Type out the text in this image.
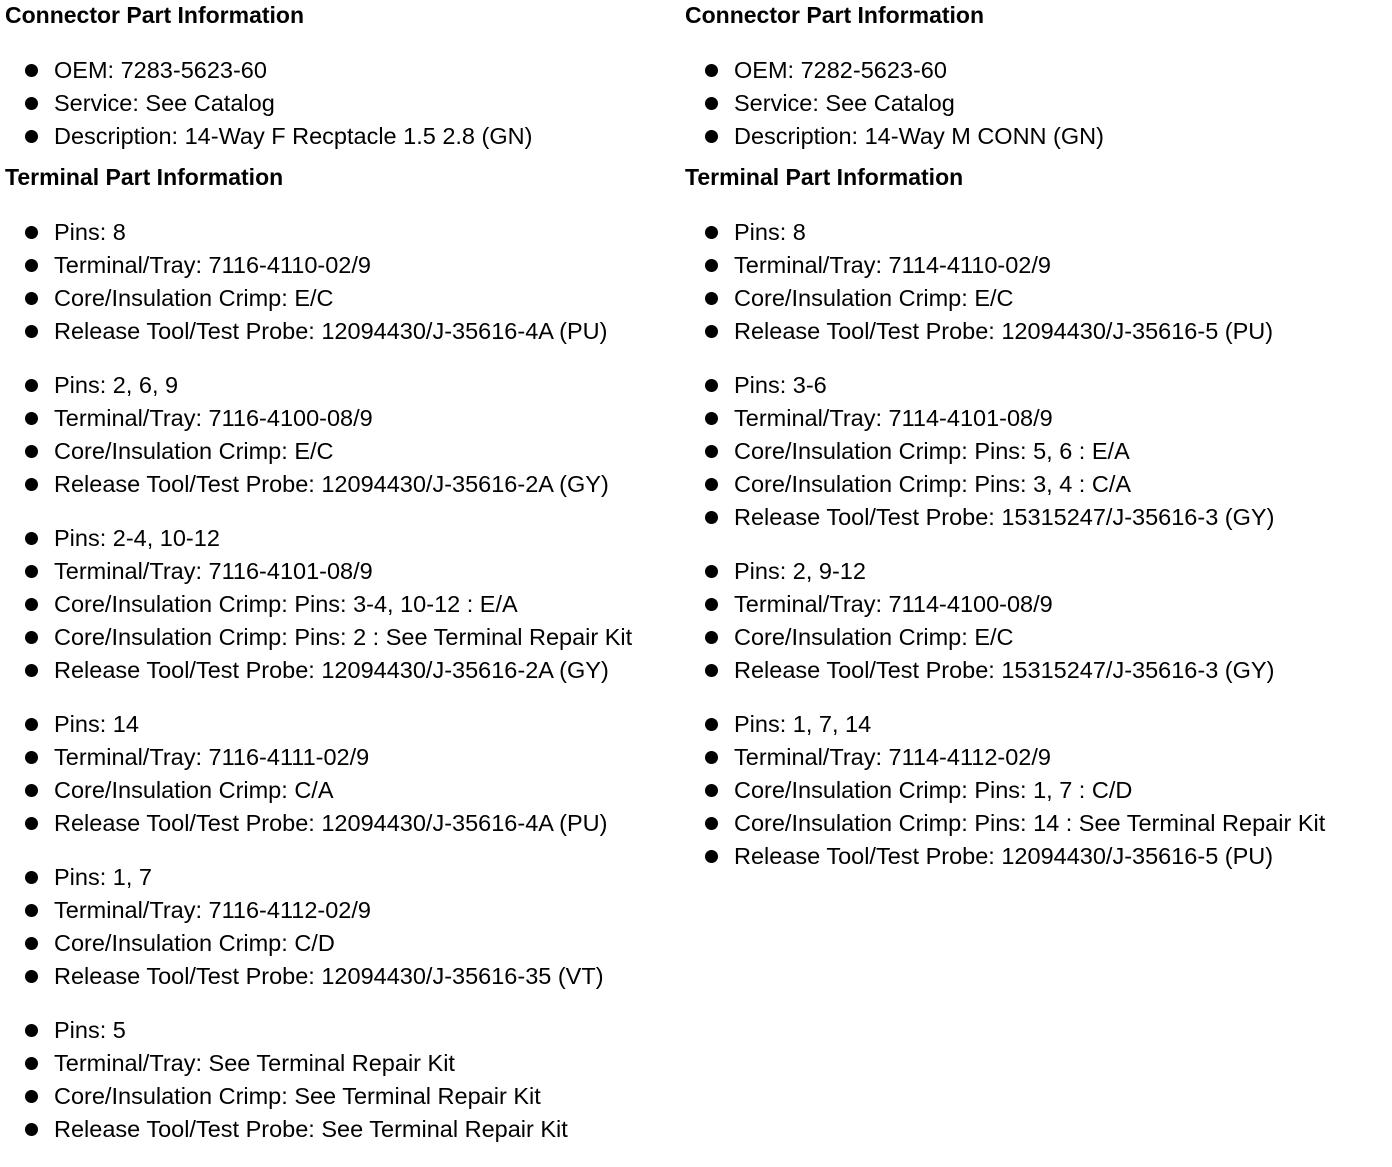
Connector Part Information
OEM: 7283-5623-60
Service: See Catalog
Description: 14-Way F Recptacle 1.5 2.8 (GN)
Terminal Part Information
Pins: 8
Terminal/Tray: 7116-4110-02/9
Core/Insulation Crimp: E/C
Release Tool/Test Probe: 12094430/J-35616-4A (PU)
Pins: 2, 6, 9
Terminal/Tray: 7116-4100-08/9
Core/Insulation Crimp: E/C
Release Tool/Test Probe: 12094430/J-35616-2A (GY)
Pins: 2-4, 10-12
Terminal/Tray: 7116-4101-08/9
Core/Insulation Crimp: Pins: 3-4, 10-12 : E/A
Core/Insulation Crimp: Pins: 2 : See Terminal Repair Kit
Release Tool/Test Probe: 12094430/J-35616-2A (GY)
Pins: 14
Terminal/Tray: 7116-4111-02/9
Core/Insulation Crimp: C/A
Release Tool/Test Probe: 12094430/J-35616-4A (PU)
Pins: 1, 7
Terminal/Tray: 7116-4112-02/9
Core/Insulation Crimp: C/D
Release Tool/Test Probe: 12094430/J-35616-35 (VT)
Pins: 5
Terminal/Tray: See Terminal Repair Kit
Core/Insulation Crimp: See Terminal Repair Kit
Release Tool/Test Probe: See Terminal Repair Kit
Connector Part Information
OEM: 7282-5623-60
Service: See Catalog
Description: 14-Way M CONN (GN)
Terminal Part Information
Pins: 8
Terminal/Tray: 7114-4110-02/9
Core/Insulation Crimp: E/C
Release Tool/Test Probe: 12094430/J-35616-5 (PU)
Pins: 3-6
Terminal/Tray: 7114-4101-08/9
Core/Insulation Crimp: Pins: 5, 6 : E/A
Core/Insulation Crimp: Pins: 3, 4 : C/A
Release Tool/Test Probe: 15315247/J-35616-3 (GY)
Pins: 2, 9-12
Terminal/Tray: 7114-4100-08/9
Core/Insulation Crimp: E/C
Release Tool/Test Probe: 15315247/J-35616-3 (GY)
Pins: 1, 7, 14
Terminal/Tray: 7114-4112-02/9
Core/Insulation Crimp: Pins: 1, 7 : C/D
Core/Insulation Crimp: Pins: 14 : See Terminal Repair Kit
Release Tool/Test Probe: 12094430/J-35616-5 (PU)
